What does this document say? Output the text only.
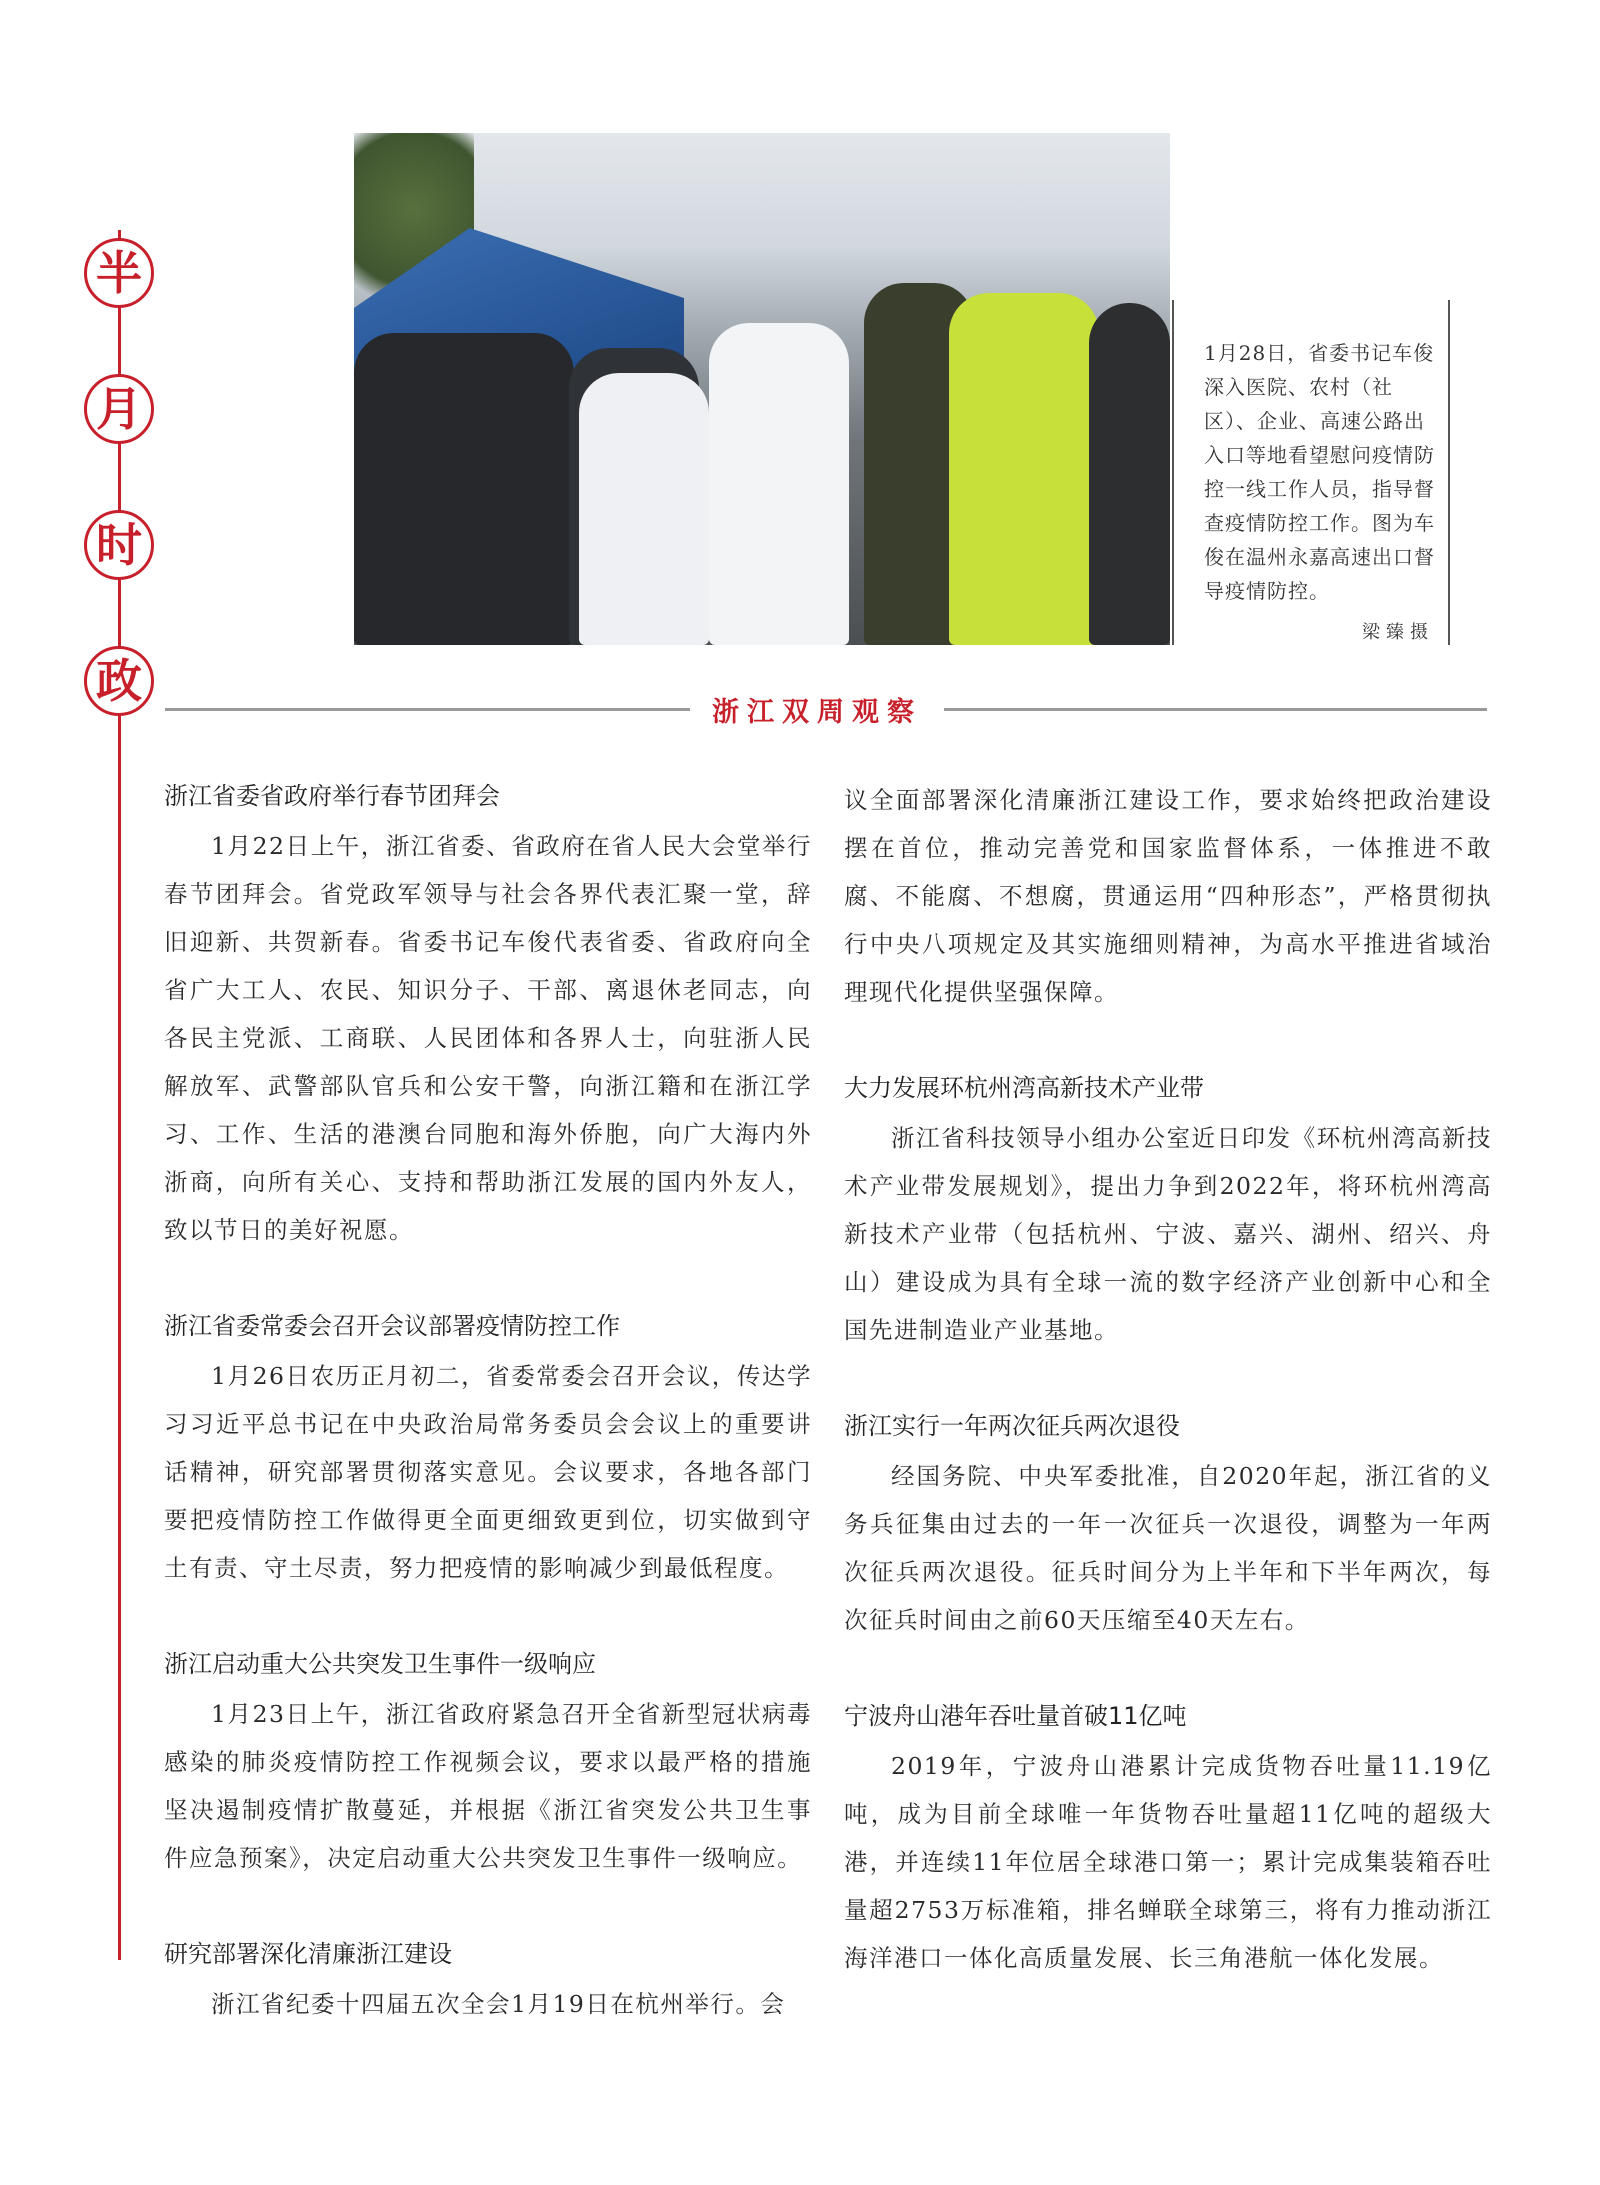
半
月
时
政
1月28日，省委书记车俊深入医院、农村（社区）、企业、高速公路出入口等地看望慰问疫情防控一线工作人员，指导督查疫情防控工作。图为车俊在温州永嘉高速出口督导疫情防控。
梁臻摄
浙江双周观察
浙江省委省政府举行春节团拜会

1月22日上午，浙江省委、省政府在省人民大会堂举行春节团拜会。省党政军领导与社会各界代表汇聚一堂，辞旧迎新、共贺新春。省委书记车俊代表省委、省政府向全省广大工人、农民、知识分子、干部、离退休老同志，向各民主党派、工商联、人民团体和各界人士，向驻浙人民解放军、武警部队官兵和公安干警，向浙江籍和在浙江学习、工作、生活的港澳台同胞和海外侨胞，向广大海内外浙商，向所有关心、支持和帮助浙江发展的国内外友人，致以节日的美好祝愿。

浙江省委常委会召开会议部署疫情防控工作

1月26日农历正月初二，省委常委会召开会议，传达学习习近平总书记在中央政治局常务委员会会议上的重要讲话精神，研究部署贯彻落实意见。会议要求，各地各部门要把疫情防控工作做得更全面更细致更到位，切实做到守土有责、守土尽责，努力把疫情的影响减少到最低程度。

浙江启动重大公共突发卫生事件一级响应

1月23日上午，浙江省政府紧急召开全省新型冠状病毒感染的肺炎疫情防控工作视频会议，要求以最严格的措施坚决遏制疫情扩散蔓延，并根据《浙江省突发公共卫生事件应急预案》，决定启动重大公共突发卫生事件一级响应。

研究部署深化清廉浙江建设

浙江省纪委十四届五次全会1月19日在杭州举行。会

议全面部署深化清廉浙江建设工作，要求始终把政治建设摆在首位，推动完善党和国家监督体系，一体推进不敢腐、不能腐、不想腐，贯通运用“四种形态”，严格贯彻执行中央八项规定及其实施细则精神，为高水平推进省域治理现代化提供坚强保障。

大力发展环杭州湾高新技术产业带

浙江省科技领导小组办公室近日印发《环杭州湾高新技术产业带发展规划》，提出力争到2022年，将环杭州湾高新技术产业带（包括杭州、宁波、嘉兴、湖州、绍兴、舟山）建设成为具有全球一流的数字经济产业创新中心和全国先进制造业产业基地。

浙江实行一年两次征兵两次退役

经国务院、中央军委批准，自2020年起，浙江省的义务兵征集由过去的一年一次征兵一次退役，调整为一年两次征兵两次退役。征兵时间分为上半年和下半年两次，每次征兵时间由之前60天压缩至40天左右。

宁波舟山港年吞吐量首破11亿吨

2019年，宁波舟山港累计完成货物吞吐量11.19亿吨，成为目前全球唯一年货物吞吐量超11亿吨的超级大港，并连续11年位居全球港口第一；累计完成集装箱吞吐量超2753万标准箱，排名蝉联全球第三，将有力推动浙江海洋港口一体化高质量发展、长三角港航一体化发展。
